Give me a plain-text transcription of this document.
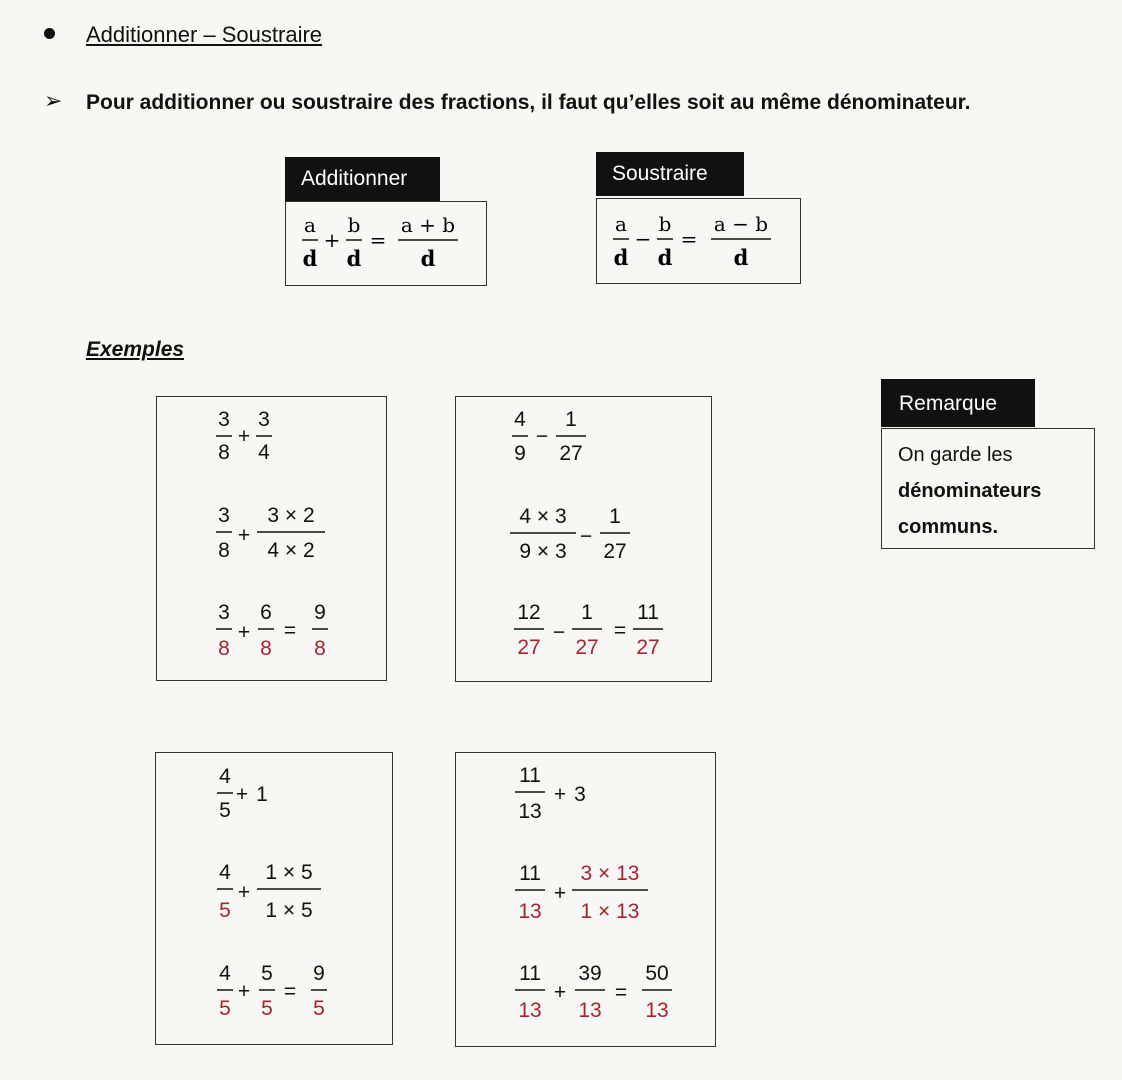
Additionner – Soustraire
➢ Pour additionner ou soustraire des fractions, il faut qu’elles soit au même dénominateur.
Additionner
a
d
+
b
d
=
a + b
d
Soustraire
a
d
−
b
d
=
a − b
d
Exemples
3
8
+
3
4
3
8
+
3 × 2
4 × 2
3
8
+
6
8
=
9
8
4
9
−
1
27
4 × 3
9 × 3
−
1
27
12
27
−
1
27
=
11
27
4
5
+ 1
4
5
+
1 × 5
1 × 5
4
5
+
5
5
=
9
5
11
13
+ 3
11
13
+
3 × 13
1 × 13
11
13
+
39
13
=
50
13
Remarque
On garde les
dénominateurs
communs.
